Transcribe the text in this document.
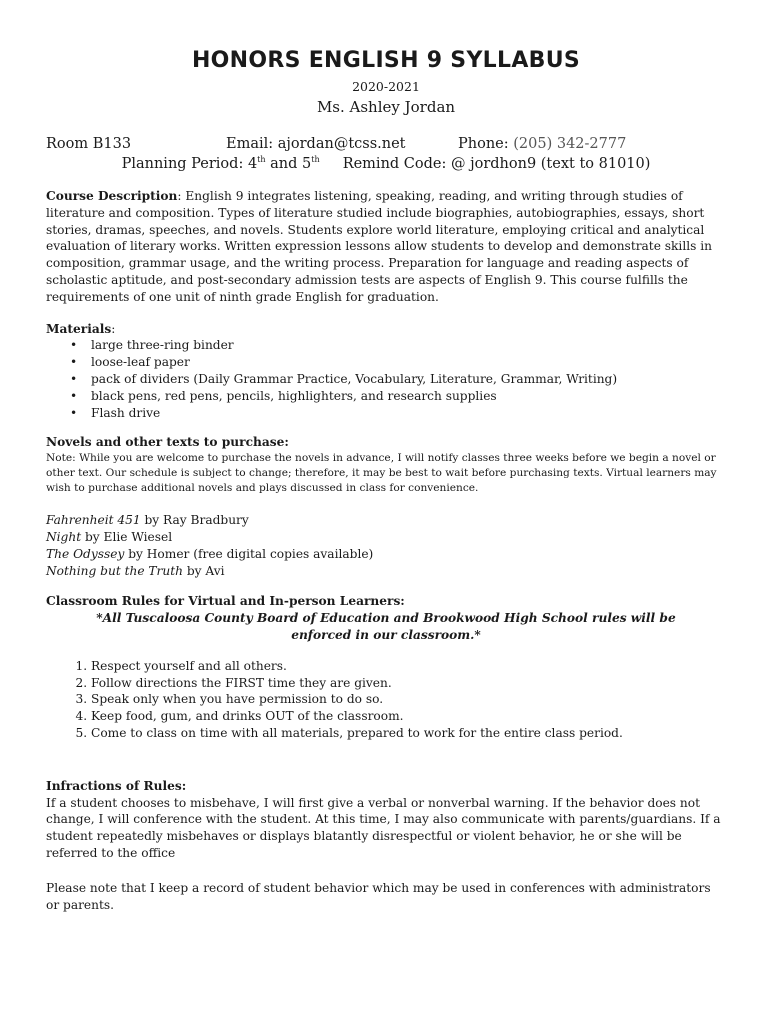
HONORS ENGLISH 9 SYLLABUS
2020-2021
Ms. Ashley Jordan
Room B133	Email: ajordan@tcss.net	Phone: (205) 342-2777
Planning Period: 4th and 5th Remind Code: @ jordhon9 (text to 81010)

Course Description: English 9 integrates listening, speaking, reading, and writing through studies of literature and composition. Types of literature studied include biographies, autobiographies, essays, short stories, dramas, speeches, and novels. Students explore world literature, employing critical and analytical evaluation of literary works. Written expression lessons allow students to develop and demonstrate skills in composition, grammar usage, and the writing process. Preparation for language and reading aspects of scholastic aptitude, and post-secondary admission tests are aspects of English 9. This course fulfills the requirements of one unit of ninth grade English for graduation.

Materials:

• large three-ring binder
• loose-leaf paper
• pack of dividers (Daily Grammar Practice, Vocabulary, Literature, Grammar, Writing)
• black pens, red pens, pencils, highlighters, and research supplies
• Flash drive

Novels and other texts to purchase:

Note: While you are welcome to purchase the novels in advance, I will notify classes three weeks before we begin a novel or other text. Our schedule is subject to change; therefore, it may be best to wait before purchasing texts. Virtual learners may wish to purchase additional novels and plays discussed in class for convenience.

Fahrenheit 451 by Ray Bradbury
Night by Elie Wiesel
The Odyssey by Homer (free digital copies available)
Nothing but the Truth by Avi

Classroom Rules for Virtual and In-person Learners:

*All Tuscaloosa County Board of Education and Brookwood High School rules will be enforced in our classroom.*

1. Respect yourself and all others.
2. Follow directions the FIRST time they are given.
3. Speak only when you have permission to do so.
4. Keep food, gum, and drinks OUT of the classroom.
5. Come to class on time with all materials, prepared to work for the entire class period.

Infractions of Rules:

If a student chooses to misbehave, I will first give a verbal or nonverbal warning. If the behavior does not change, I will conference with the student. At this time, I may also communicate with parents/guardians. If a student repeatedly misbehaves or displays blatantly disrespectful or violent behavior, he or she will be referred to the office

Please note that I keep a record of student behavior which may be used in conferences with administrators or parents.
